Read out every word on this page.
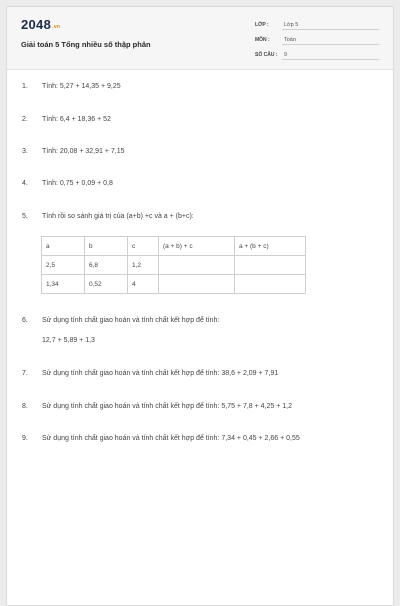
2048.vn
Giải toán 5 Tổng nhiều số thập phân
LỚP :	Lớp 5
MÔN :	Toán
SỐ CÂU :	9
1. Tính: 5,27 + 14,35 + 9,25
2. Tính: 6,4 + 18,36 + 52
3. Tính: 20,08 + 32,91 + 7,15
4. Tính: 0,75 + 0,09 + 0,8
5. Tính rồi so sánh giá trị của (a+b) +c và a + (b+c):
a	b	c	(a + b) + c	a + (b + c)
2,5	6,8	1,2		
1,34	0,52	4		
6. Sử dụng tính chất giao hoán và tính chất kết hợp để tính:
12,7 + 5,89 + 1,3
7. Sử dụng tính chất giao hoán và tính chất kết hợp để tính: 38,6 + 2,09 + 7,91
8. Sử dụng tính chất giao hoán và tính chất kết hợp để tính: 5,75 + 7,8 + 4,25 + 1,2
9. Sử dụng tính chất giao hoán và tính chất kết hợp để tính: 7,34 + 0,45 + 2,66 + 0,55
